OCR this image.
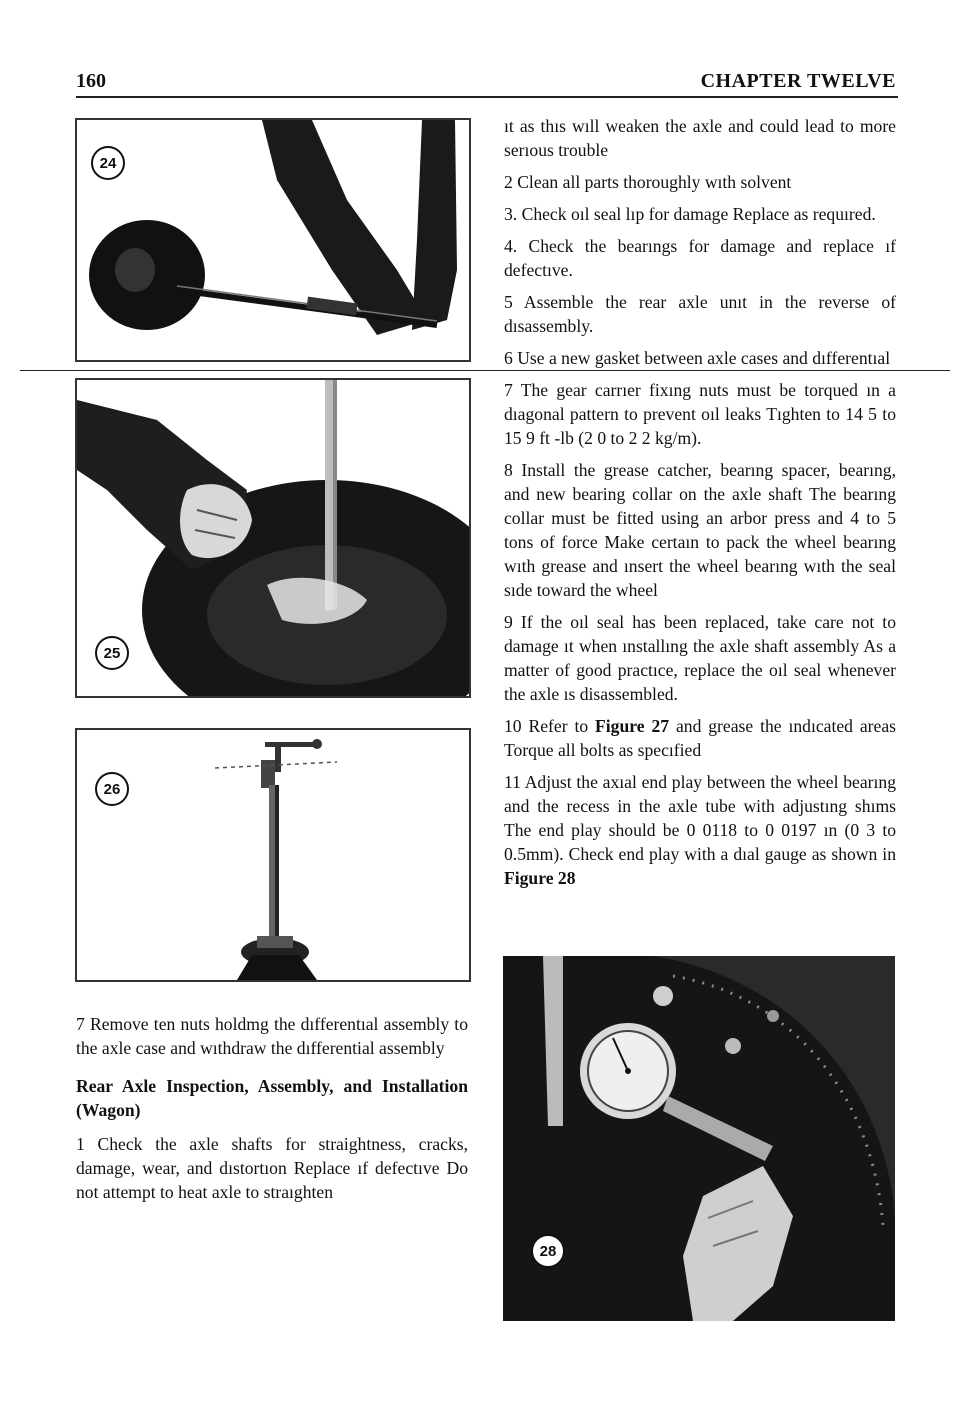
160	CHAPTER TWELVE
24
25
26

7 Remove ten nuts holdmg the dıfferentıal assembly to the axle case and wıthdraw the dıfferential assembly

Rear Axle Inspection, Assembly, and Installation (Wagon)

1 Check the axle shafts for straightness, cracks, damage, wear, and dıstortıon Replace ıf defectıve Do not attempt to heat axle to straıghten

ıt as thıs wıll weaken the axle and could lead to more serıous trouble

2 Clean all parts thoroughly wıth solvent

3. Check oıl seal lıp for damage Replace as requıred.

4. Check the bearıngs for damage and replace ıf defectıve.

5 Assemble the rear axle unıt in the reverse of dısassembly.

6 Use a new gasket between axle cases and dıfferentıal

7 The gear carrıer fixıng nuts must be torqued ın a dıagonal pattern to prevent oıl leaks Tıghten to 14 5 to 15 9 ft -lb (2 0 to 2 2 kg/m).

8 Install the grease catcher, bearıng spacer, bearıng, and new bearing collar on the axle shaft The bearıng collar must be fitted using an arbor press and 4 to 5 tons of force Make certaın to pack the wheel bearıng wıth grease and ınsert the wheel bearıng wıth the seal sıde toward the wheel

9 If the oıl seal has been replaced, take care not to damage ıt when ınstallıng the axle shaft assembly As a matter of good practıce, replace the oıl seal whenever the axle ıs disassembled.

10 Refer to Figure 27 and grease the ındıcated areas Torque all bolts as specıfied

11 Adjust the axıal end play between the wheel bearıng and the recess in the axle tube with adjustıng shıms The end play should be 0 0118 to 0 0197 ın (0 3 to 0.5mm). Check end play with a dıal gauge as shown in Figure 28

28
